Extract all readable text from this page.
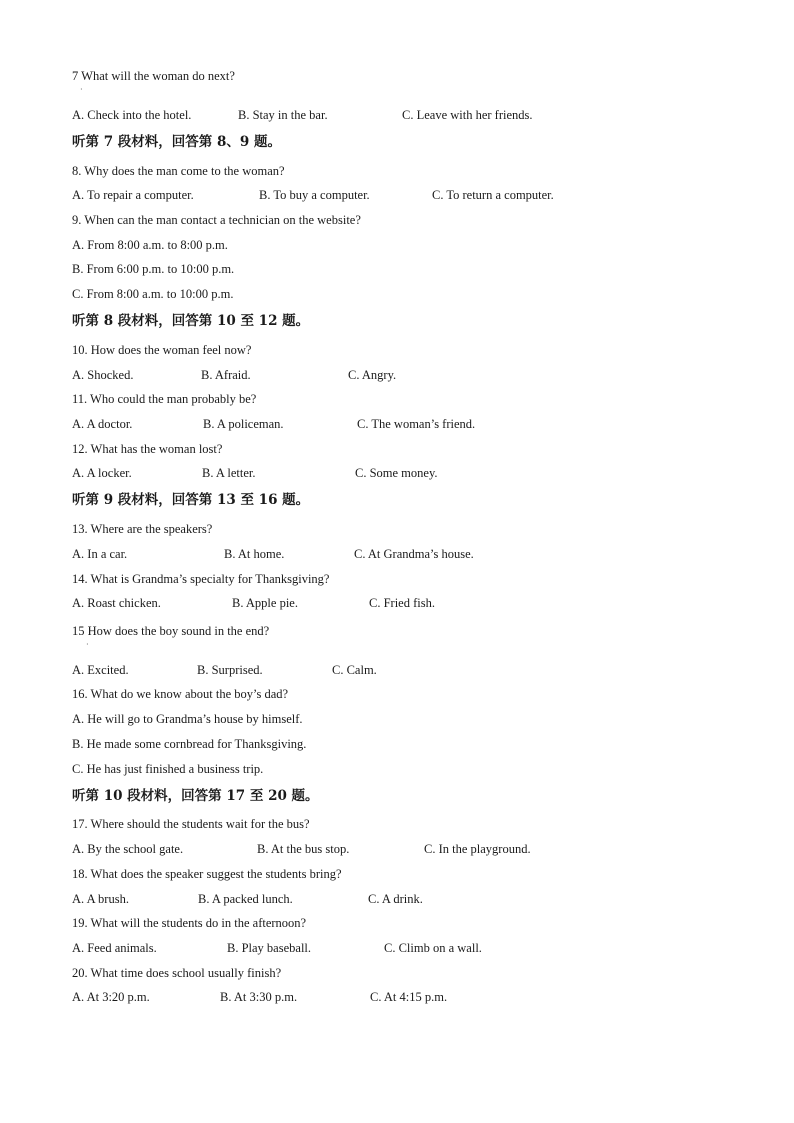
7 What will the woman do next?
·
A. Check into the hotel.	B. Stay in the bar.	C. Leave with her friends.
听第 7 段材料，回答第 8、9 题。
8. Why does the man come to the woman?
A. To repair a computer.	B. To buy a computer.	C. To return a computer.
9. When can the man contact a technician on the website?
A. From 8:00 a.m. to 8:00 p.m.
B. From 6:00 p.m. to 10:00 p.m.
C. From 8:00 a.m. to 10:00 p.m.
听第 8 段材料，回答第 10 至 12 题。
10. How does the woman feel now?
A. Shocked.	B. Afraid.	C. Angry.
11. Who could the man probably be?
A. A doctor.	B. A policeman.	C. The woman’s friend.
12. What has the woman lost?
A. A locker.	B. A letter.	C. Some money.
听第 9 段材料，回答第 13 至 16 题。
13. Where are the speakers?
A. In a car.	B. At home.	C. At Grandma’s house.
14. What is Grandma’s specialty for Thanksgiving?
A. Roast chicken.	B. Apple pie.	C. Fried fish.
15 How does the boy sound in the end?
·
A. Excited.	B. Surprised.	C. Calm.
16. What do we know about the boy’s dad?
A. He will go to Grandma’s house by himself.
B. He made some cornbread for Thanksgiving.
C. He has just finished a business trip.
听第 10 段材料，回答第 17 至 20 题。
17. Where should the students wait for the bus?
A. By the school gate.	B. At the bus stop.	C. In the playground.
18. What does the speaker suggest the students bring?
A. A brush.	B. A packed lunch.	C. A drink.
19. What will the students do in the afternoon?
A. Feed animals.	B. Play baseball.	C. Climb on a wall.
20. What time does school usually finish?
A. At 3:20 p.m.	B. At 3:30 p.m.	C. At 4:15 p.m.
